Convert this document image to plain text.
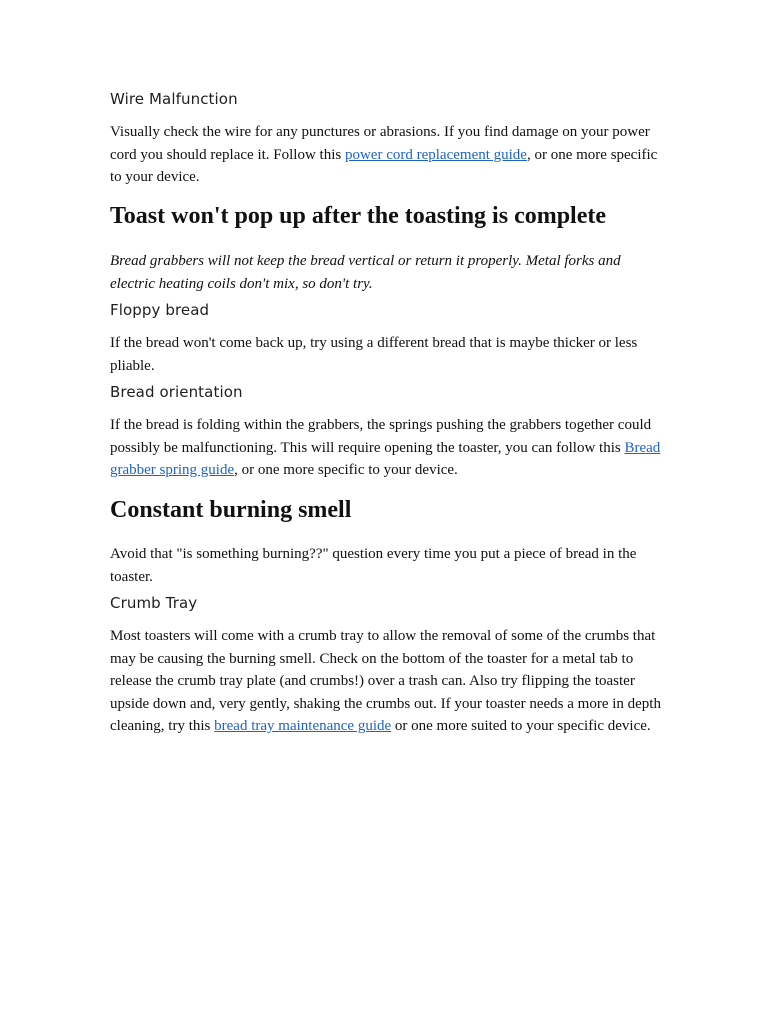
Wire Malfunction
Visually check the wire for any punctures or abrasions. If you find damage on your power cord you should replace it. Follow this power cord replacement guide, or one more specific to your device.
Toast won't pop up after the toasting is complete
Bread grabbers will not keep the bread vertical or return it properly. Metal forks and electric heating coils don't mix, so don't try.
Floppy bread
If the bread won't come back up, try using a different bread that is maybe thicker or less pliable.
Bread orientation
If the bread is folding within the grabbers, the springs pushing the grabbers together could possibly be malfunctioning. This will require opening the toaster, you can follow this Bread grabber spring guide, or one more specific to your device.
Constant burning smell
Avoid that "is something burning??" question every time you put a piece of bread in the toaster.
Crumb Tray
Most toasters will come with a crumb tray to allow the removal of some of the crumbs that may be causing the burning smell. Check on the bottom of the toaster for a metal tab to release the crumb tray plate (and crumbs!) over a trash can. Also try flipping the toaster upside down and, very gently, shaking the crumbs out. If your toaster needs a more in depth cleaning, try this bread tray maintenance guide or one more suited to your specific device.
